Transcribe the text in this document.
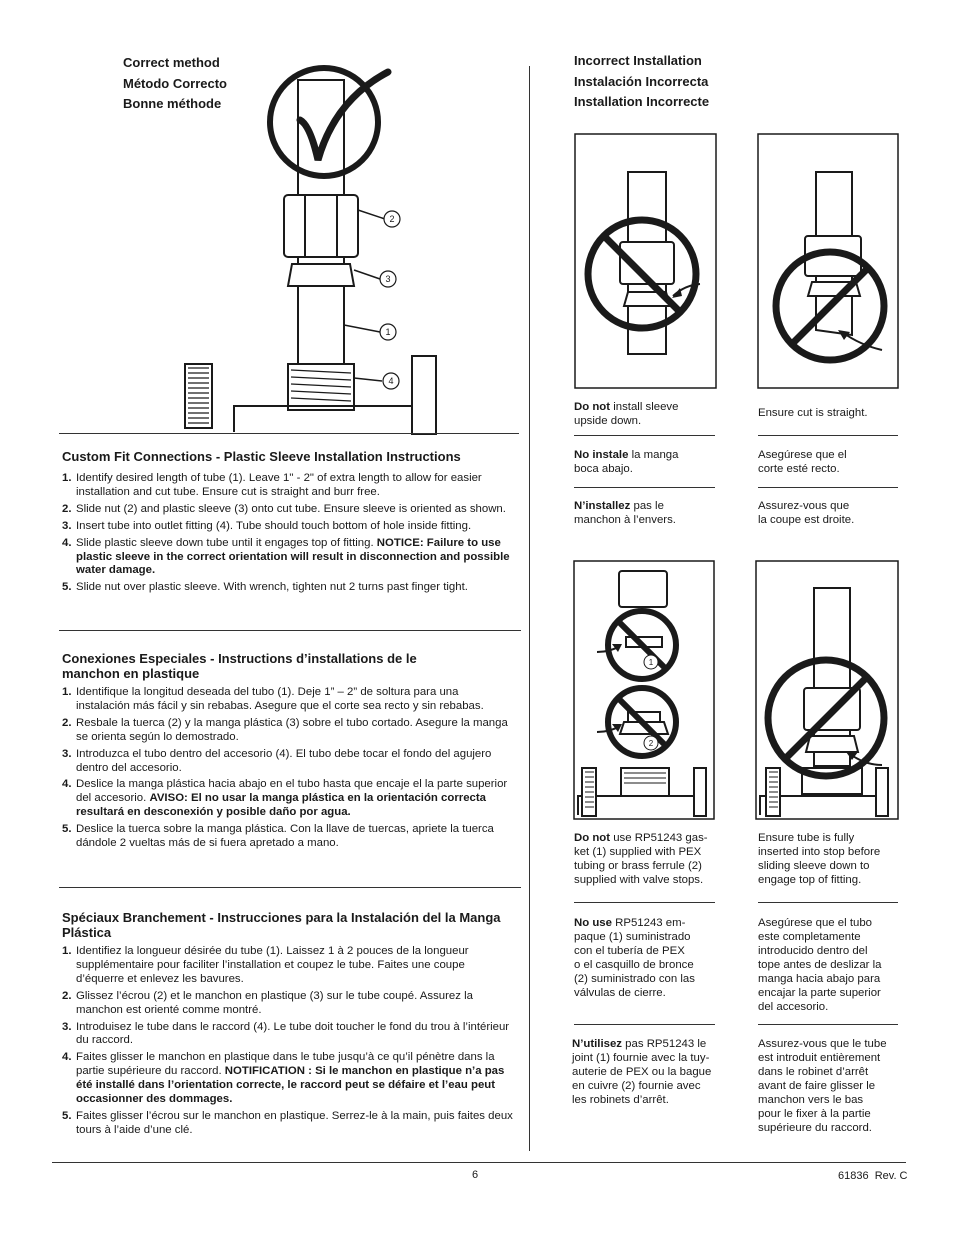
Correct method
Método Correcto
Bonne méthode
2
3
1
4
Custom Fit Connections - Plastic Sleeve Installation Instructions
1. Identify desired length of tube (1). Leave 1" - 2" of extra length to allow for easier installation and cut tube. Ensure cut is straight and burr free.
2. Slide nut (2) and plastic sleeve (3) onto cut tube. Ensure sleeve is oriented as shown.
3. Insert tube into outlet fitting (4). Tube should touch bottom of hole inside fitting.
4. Slide plastic sleeve down tube until it engages top of fitting. NOTICE: Failure to use plastic sleeve in the correct orientation will result in disconnection and possible water damage.
5. Slide nut over plastic sleeve. With wrench, tighten nut 2 turns past finger tight.
Conexiones Especiales - Instructions d’installations de le manchon en plastique
1. Identifique la longitud deseada del tubo (1). Deje 1” – 2” de soltura para una instalación más fácil y sin rebabas. Asegure que el corte sea recto y sin rebabas.
2. Resbale la tuerca (2) y la manga plástica (3) sobre el tubo cortado. Asegure la manga se orienta según lo demostrado.
3. Introduzca el tubo dentro del accesorio (4). El tubo debe tocar el fondo del agujero dentro del accesorio.
4. Deslice la manga plástica hacia abajo en el tubo hasta que encaje el la parte superior del accesorio. AVISO: El no usar la manga plástica en la orientación correcta resultará en desconexión y posible daño por agua.
5. Deslice la tuerca sobre la manga plástica. Con la llave de tuercas, apriete la tuerca dándole 2 vueltas más de si fuera apretado a mano.
Spéciaux Branchement - Instrucciones para la Instalación del la Manga Plástica
1. Identifiez la longueur désirée du tube (1). Laissez 1 à 2 pouces de la longueur supplémentaire pour faciliter l’installation et coupez le tube. Faites une coupe d’équerre et enlevez les bavures.
2. Glissez l’écrou (2) et le manchon en plastique (3) sur le tube coupé. Assurez la manchon est orienté comme montré.
3. Introduisez le tube dans le raccord (4). Le tube doit toucher le fond du trou à l’intérieur du raccord.
4. Faites glisser le manchon en plastique dans le tube jusqu’à ce qu’il pénètre dans la partie supérieure du raccord. NOTIFICATION : Si le manchon en plastique n’a pas été installé dans l’orientation correcte, le raccord peut se défaire et l’eau peut occasionner des dommages.
5. Faites glisser l’écrou sur le manchon en plastique. Serrez-le à la main, puis faites deux tours à l’aide d’une clé.
Incorrect Installation
Instalación Incorrecta
Installation Incorrecte
Do not install sleeve
upside down.
No instale la manga
boca abajo.
N’installez pas le
manchon à l’envers.
Ensure cut is straight.
Asegúrese que el
corte esté recto.
Assurez-vous que
la coupe est droite.
1
2
Do not use RP51243 gas-
ket (1) supplied with PEX
tubing or brass ferrule (2)
supplied with valve stops.
No use RP51243 em-
paque (1) suministrado
con el tubería de PEX
o el casquillo de bronce
(2) suministrado con las
válvulas de cierre.
N’utilisez pas RP51243 le
joint (1) fournie avec la tuy-
auterie de PEX ou la bague
en cuivre (2) fournie avec
les robinets d’arrêt.
Ensure tube is fully
inserted into stop before
sliding sleeve down to
engage top of fitting.
Asegúrese que el tubo
este completamente
introducido dentro del
tope antes de deslizar la
manga hacia abajo para
encajar la parte superior
del accesorio.
Assurez-vous que le tube
est introduit entièrement
dans le robinet d’arrêt
avant de faire glisser le
manchon vers le bas
pour le fixer à la partie
supérieure du raccord.
6	61836  Rev. C
